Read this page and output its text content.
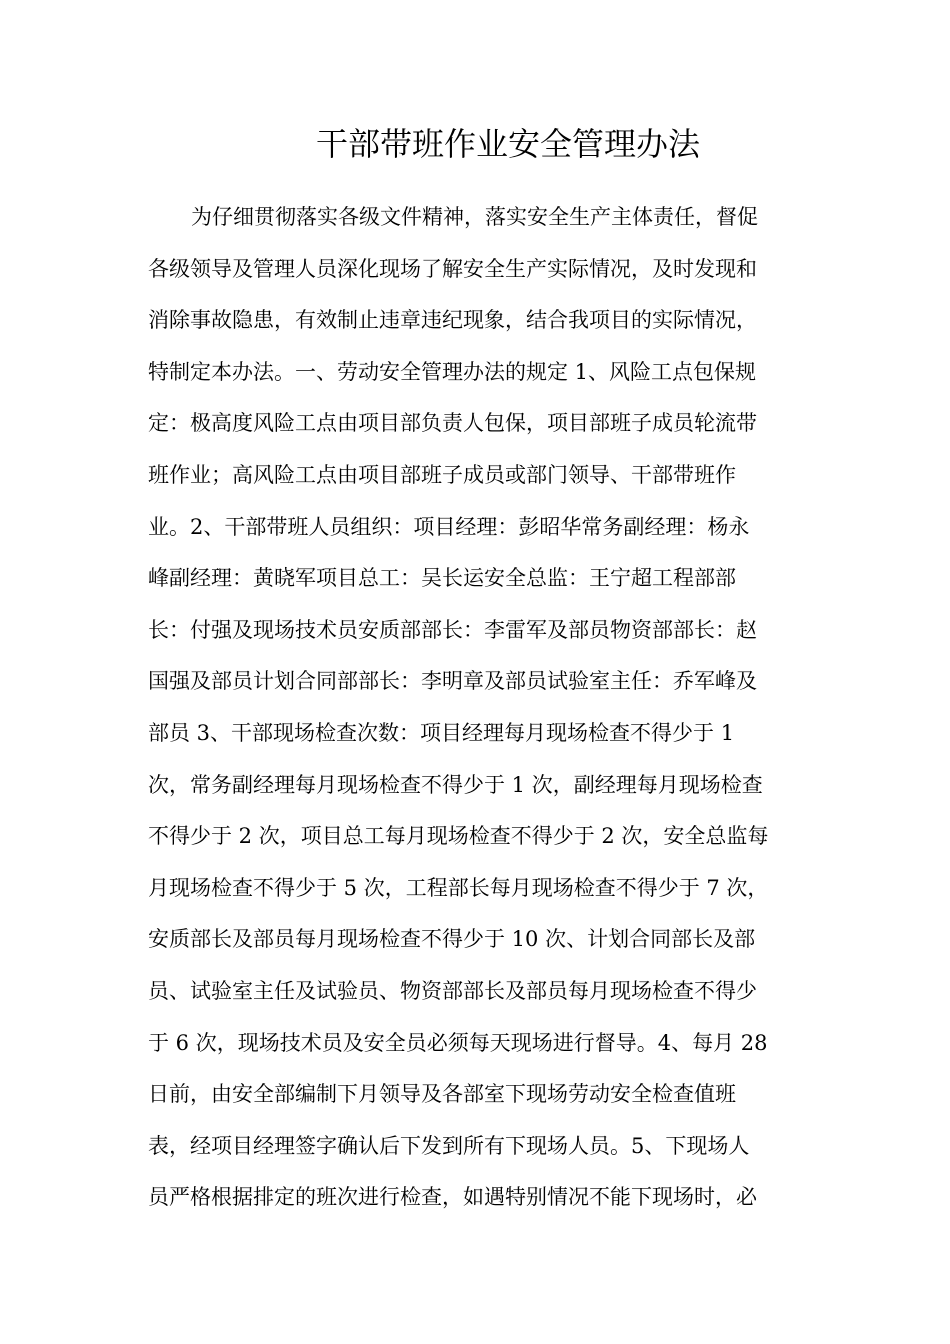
干部带班作业安全管理办法
为仔细贯彻落实各级文件精神，落实安全生产主体责任，督促
各级领导及管理人员深化现场了解安全生产实际情况，及时发现和
消除事故隐患，有效制止违章违纪现象，结合我项目的实际情况，
特制定本办法。一、劳动安全管理办法的规定 1、风险工点包保规
定：极高度风险工点由项目部负责人包保，项目部班子成员轮流带
班作业；高风险工点由项目部班子成员或部门领导、干部带班作
业。2、干部带班人员组织：项目经理：彭昭华常务副经理：杨永
峰副经理：黄晓军项目总工：吴长运安全总监：王宁超工程部部
长：付强及现场技术员安质部部长：李雷军及部员物资部部长：赵
国强及部员计划合同部部长：李明章及部员试验室主任：乔军峰及
部员 3、干部现场检查次数：项目经理每月现场检查不得少于 1
次，常务副经理每月现场检查不得少于 1 次，副经理每月现场检查
不得少于 2 次，项目总工每月现场检查不得少于 2 次，安全总监每
月现场检查不得少于 5 次，工程部长每月现场检查不得少于 7 次，
安质部长及部员每月现场检查不得少于 10 次、计划合同部长及部
员、试验室主任及试验员、物资部部长及部员每月现场检查不得少
于 6 次，现场技术员及安全员必须每天现场进行督导。4、每月 28
日前，由安全部编制下月领导及各部室下现场劳动安全检查值班
表，经项目经理签字确认后下发到所有下现场人员。5、下现场人
员严格根据排定的班次进行检查，如遇特别情况不能下现场时，必
